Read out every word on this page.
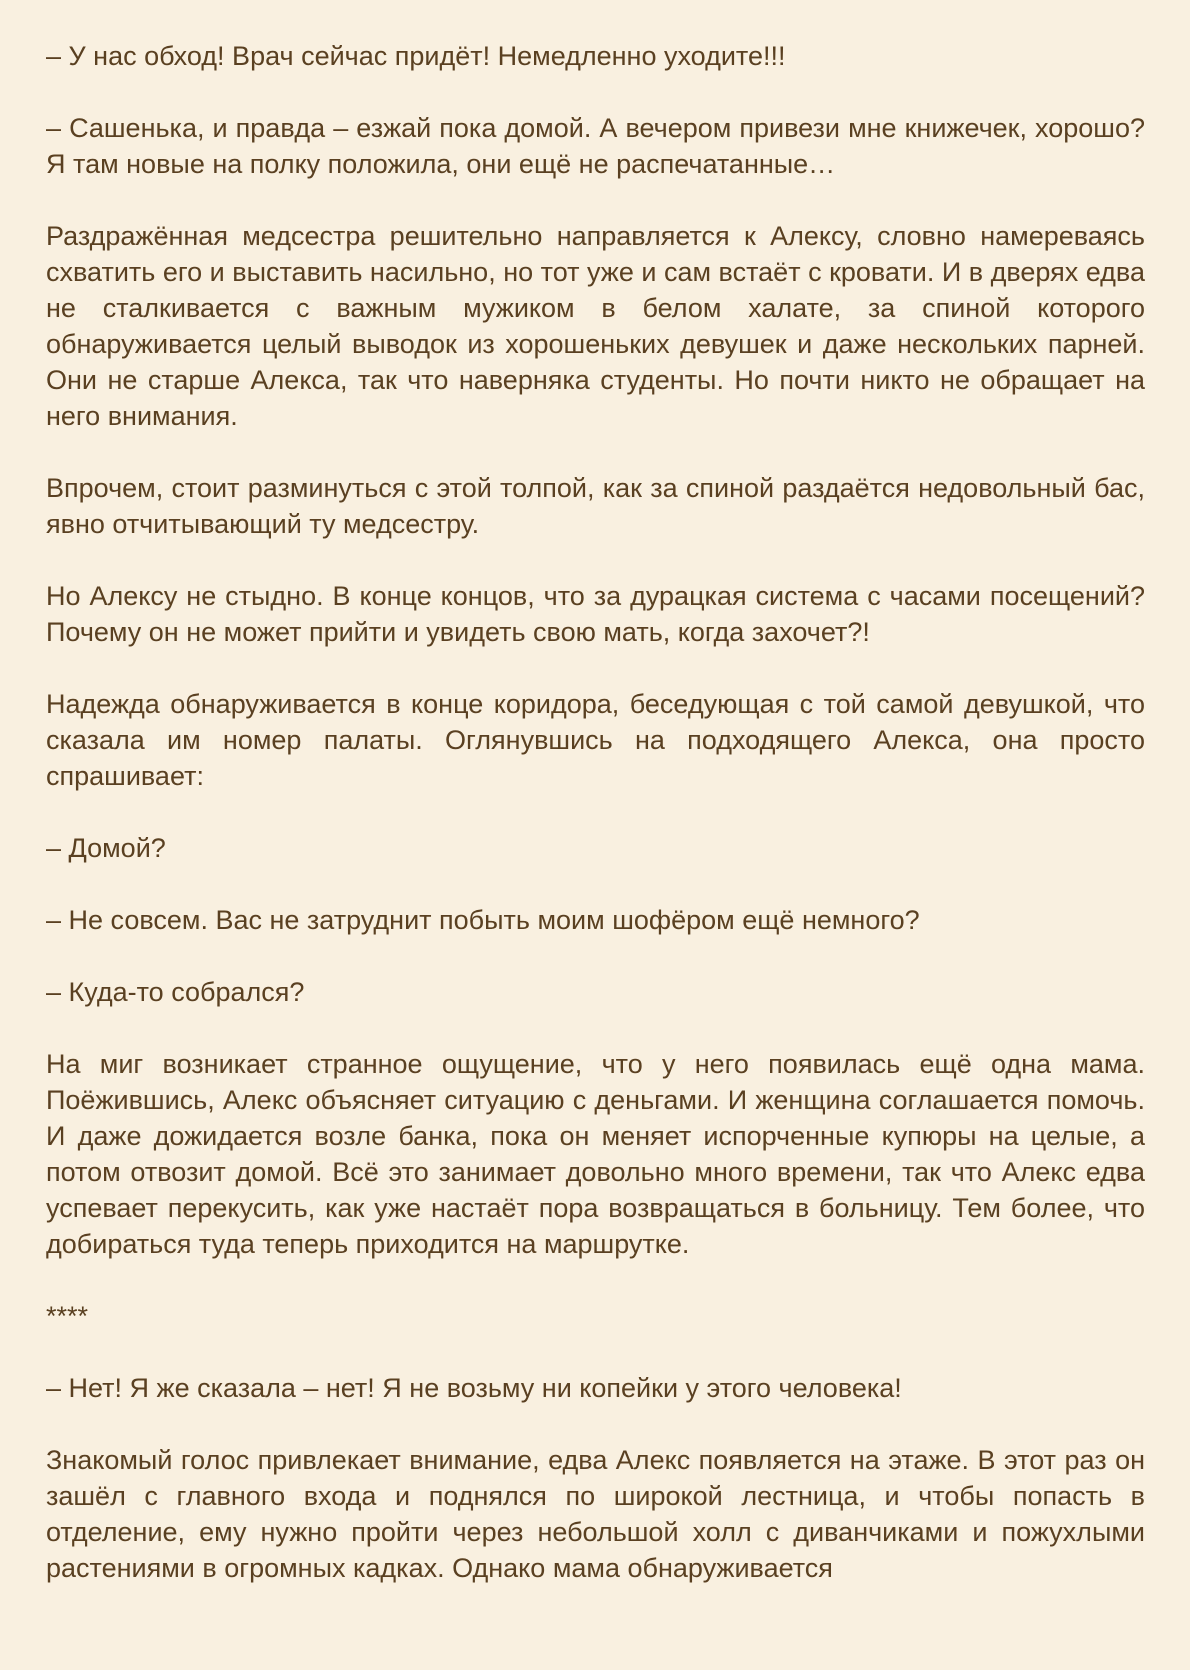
– У нас обход! Врач сейчас придёт! Немедленно уходите!!!

– Сашенька, и правда – езжай пока домой. А вечером привези мне книжечек, хорошо? Я там новые на полку положила, они ещё не распечатанные…

Раздражённая медсестра решительно направляется к Алексу, словно намереваясь схватить его и выставить насильно, но тот уже и сам встаёт с кровати. И в дверях едва не сталкивается с важным мужиком в белом халате, за спиной которого обнаруживается целый выводок из хорошеньких девушек и даже нескольких парней. Они не старше Алекса, так что наверняка студенты. Но почти никто не обращает на него внимания.

Впрочем, стоит разминуться с этой толпой, как за спиной раздаётся недовольный бас, явно отчитывающий ту медсестру.

Но Алексу не стыдно. В конце концов, что за дурацкая система с часами посещений? Почему он не может прийти и увидеть свою мать, когда захочет?!

Надежда обнаруживается в конце коридора, беседующая с той самой девушкой, что сказала им номер палаты. Оглянувшись на подходящего Алекса, она просто спрашивает:

– Домой?

– Не совсем. Вас не затруднит побыть моим шофёром ещё немного?

– Куда-то собрался?

На миг возникает странное ощущение, что у него появилась ещё одна мама. Поёжившись, Алекс объясняет ситуацию с деньгами. И женщина соглашается помочь. И даже дожидается возле банка, пока он меняет испорченные купюры на целые, а потом отвозит домой. Всё это занимает довольно много времени, так что Алекс едва успевает перекусить, как уже настаёт пора возвращаться в больницу. Тем более, что добираться туда теперь приходится на маршрутке.

****

– Нет! Я же сказала – нет! Я не возьму ни копейки у этого человека!

Знакомый голос привлекает внимание, едва Алекс появляется на этаже. В этот раз он зашёл с главного входа и поднялся по широкой лестница, и чтобы попасть в отделение, ему нужно пройти через небольшой холл с диванчиками и пожухлыми растениями в огромных кадках. Однако мама обнаруживается
